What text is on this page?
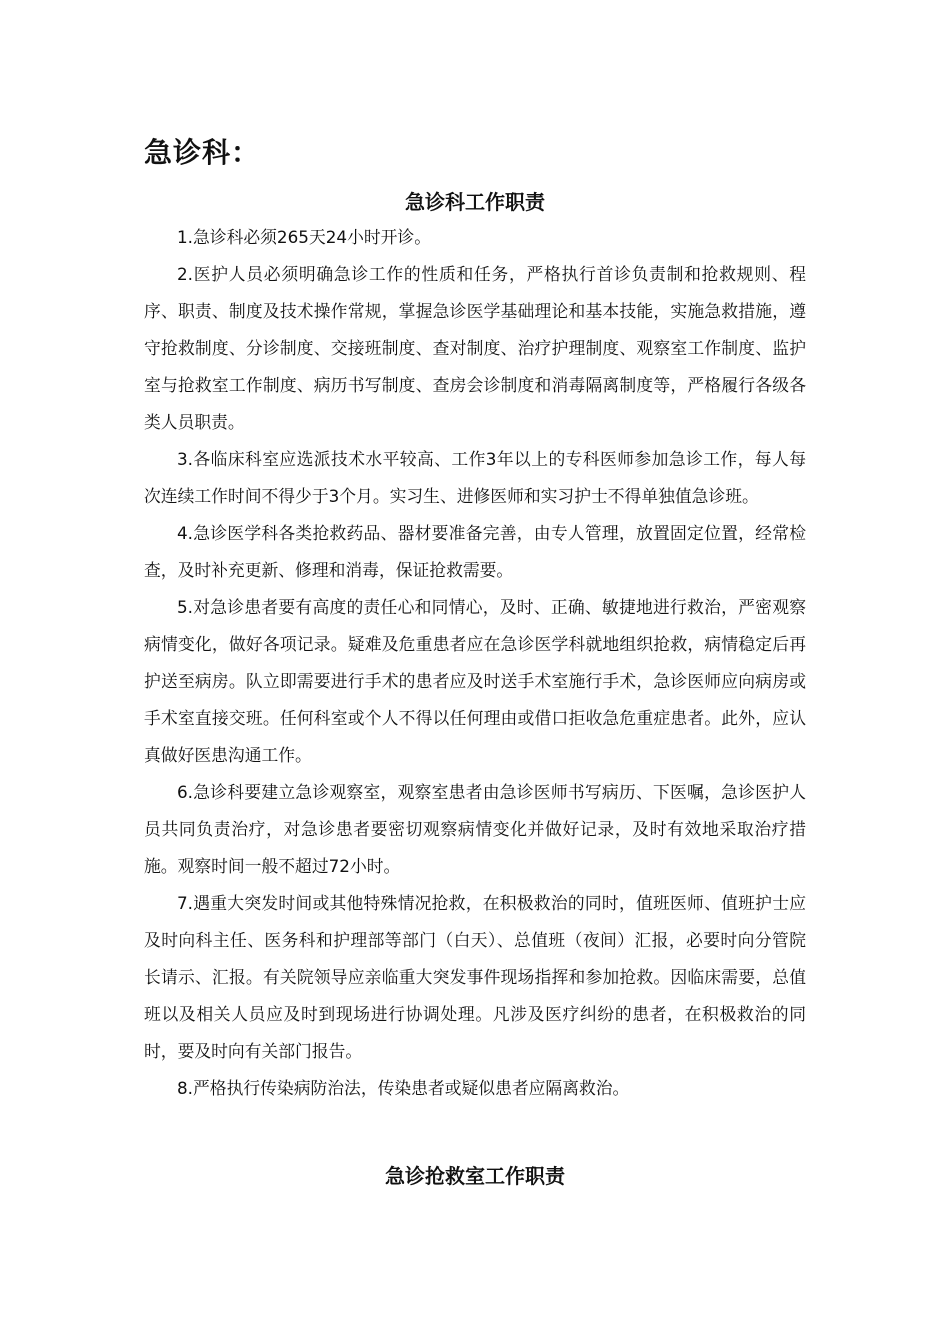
急诊科：
急诊科工作职责

1.急诊科必须265天24小时开诊。

2.医护人员必须明确急诊工作的性质和任务，严格执行首诊负责制和抢救规则、程序、职责、制度及技术操作常规，掌握急诊医学基础理论和基本技能，实施急救措施，遵守抢救制度、分诊制度、交接班制度、查对制度、治疗护理制度、观察室工作制度、监护室与抢救室工作制度、病历书写制度、查房会诊制度和消毒隔离制度等，严格履行各级各类人员职责。

3.各临床科室应选派技术水平较高、工作3年以上的专科医师参加急诊工作，每人每次连续工作时间不得少于3个月。实习生、进修医师和实习护士不得单独值急诊班。

4.急诊医学科各类抢救药品、器材要准备完善，由专人管理，放置固定位置，经常检查，及时补充更新、修理和消毒，保证抢救需要。

5.对急诊患者要有高度的责任心和同情心，及时、正确、敏捷地进行救治，严密观察病情变化，做好各项记录。疑难及危重患者应在急诊医学科就地组织抢救，病情稳定后再护送至病房。队立即需要进行手术的患者应及时送手术室施行手术，急诊医师应向病房或手术室直接交班。任何科室或个人不得以任何理由或借口拒收急危重症患者。此外，应认真做好医患沟通工作。

6.急诊科要建立急诊观察室，观察室患者由急诊医师书写病历、下医嘱，急诊医护人员共同负责治疗，对急诊患者要密切观察病情变化并做好记录，及时有效地采取治疗措施。观察时间一般不超过72小时。

7.遇重大突发时间或其他特殊情况抢救，在积极救治的同时，值班医师、值班护士应及时向科主任、医务科和护理部等部门（白天）、总值班（夜间）汇报，必要时向分管院长请示、汇报。有关院领导应亲临重大突发事件现场指挥和参加抢救。因临床需要，总值班以及相关人员应及时到现场进行协调处理。凡涉及医疗纠纷的患者，在积极救治的同时，要及时向有关部门报告。

8.严格执行传染病防治法，传染患者或疑似患者应隔离救治。

急诊抢救室工作职责
